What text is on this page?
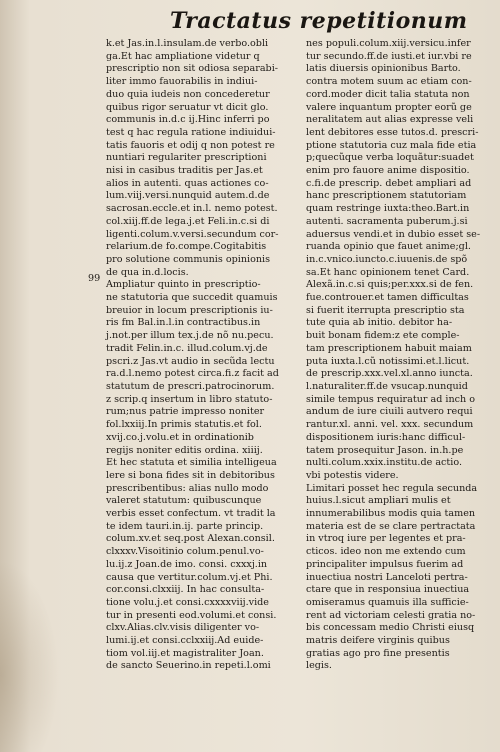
Tractatus repetitionum
99
k.et Jas.in.l.insulam.de verbo.obli
ga.Et hac ampliatione videtur q
prescriptio non sit odiosa separabi-
liter immo fauorabilis in indiui-
duo quia iudeis non concederetur
quibus rigor seruatur vt dicit glo.
communis in.d.c ij.Hinc inferri po
test q hac regula ratione indiuidui-
tatis fauoris et odij q non potest re
nuntiari regulariter prescriptioni
nisi in casibus traditis per Jas.et
alios in autenti. quas actiones co-
lum.viij.versi.nunquid autem.d.de
sacrosan.eccle.et in.l. nemo potest.
col.xiij.ff.de lega.j.et Feli.in.c.si di
ligenti.colum.v.versi.secundum cor-
relarium.de fo.compe.Cogitabitis
pro solutione communis opinionis
de qua in.d.locis.
Ampliatur quinto in prescriptio-
ne statutoria que succedit quamuis
breuior in locum prescriptionis iu-
ris fm Bal.in.l.in contractibus.in
j.not.per illum tex.j.de nõ nu.pecu.
tradit Felin.in.c. illud.colum.vj.de
pscri.z Jas.vt audio in secũda lectu
ra.d.l.nemo potest circa.fi.z facit ad
statutum de prescri.patrocinorum.
z scrip.q insertum in libro statuto-
rum;nus patrie impresso noniter
fol.lxxiij.In primis statutis.et fol.
xvij.co.j.volu.et in ordinationib
regijs noniter editis ordina. xiiij.
Et hec statuta et similia intelligeua
lere si bona fides sit in debitoribus
prescribentibus: alias nullo modo
valeret statutum: quibuscunque
verbis esset confectum. vt tradit la
te idem tauri.in.ij. parte princip.
colum.xv.et seq.post Alexan.consil.
clxxxv.Visoitinio colum.penul.vo-
lu.ij.z Joan.de imo. consi. cxxxj.in
causa que vertitur.colum.vj.et Phi.
cor.consi.clxxiij. In hac consulta-
tione volu.j.et consi.cxxxxviij.vide
tur in presenti eod.volumi.et consi.
clxv.Alias.clv.visis diligenter vo-
lumi.ij.et consi.cclxxiij.Ad euide-
tiom vol.iij.et magistraliter Joan.
de sancto Seuerino.in repeti.l.omi
nes populi.colum.xiij.versicu.infer
tur secundo.ff.de iusti.et iur.vbi re
latis diuersis opinionibus Barto.
contra motem suum ac etiam con-
cord.moder dicit talia statuta non
valere inquantum propter eorũ ge
neralitatem aut alias expresse veli
lent debitores esse tutos.d. prescri-
ptione statutoria cuz mala fide etia
p;quecũque verba loquãtur:suadet
enim pro fauore anime dispositio.
c.fi.de prescrip. debet ampliari ad
hanc prescriptionem statutoriam
quam restringe iuxta:theo.Bart.in
autenti. sacramenta puberum.j.si
aduersus vendi.et in dubio esset se-
ruanda opinio que fauet anime;gl.
in.c.vnico.iuncto.c.iuuenis.de spõ
sa.Et hanc opinionem tenet Card.
Alexã.in.c.si quis;per.xxx.si de fen.
fue.controuer.et tamen difficultas
si fuerit iterrupta prescriptio sta
tute quia ab initio. debitor ha-
buit bonam fidem:z ete comple-
tam prescriptionem habuit maiam
puta iuxta.l.cũ notissimi.et.l.licut.
de prescrip.xxx.vel.xl.anno iuncta.
l.naturaliter.ff.de vsucap.nunquid
simile tempus requiratur ad inch o
andum de iure ciuili autvero requi
rantur.xl. anni. vel. xxx. secundum
dispositionem iuris:hanc difficul-
tatem prosequitur Jason. in.h.pe
nulti.colum.xxix.institu.de actio.
vbi potestis videre.
Limitari posset hec regula secunda
huius.l.sicut ampliari mulis et
innumerabilibus modis quia tamen
materia est de se clare pertractata
in vtroq iure per legentes et pra-
cticos. ideo non me extendo cum
principaliter impulsus fuerim ad
inuectiua nostri Lanceloti pertra-
ctare que in responsiua inuectiua
omiseramus quamuis illa sufficie-
rent ad victoriam celesti gratia no-
bis concessam medio Christi eiusq
matris deifere virginis quibus
gratias ago pro fine presentis
legis.
